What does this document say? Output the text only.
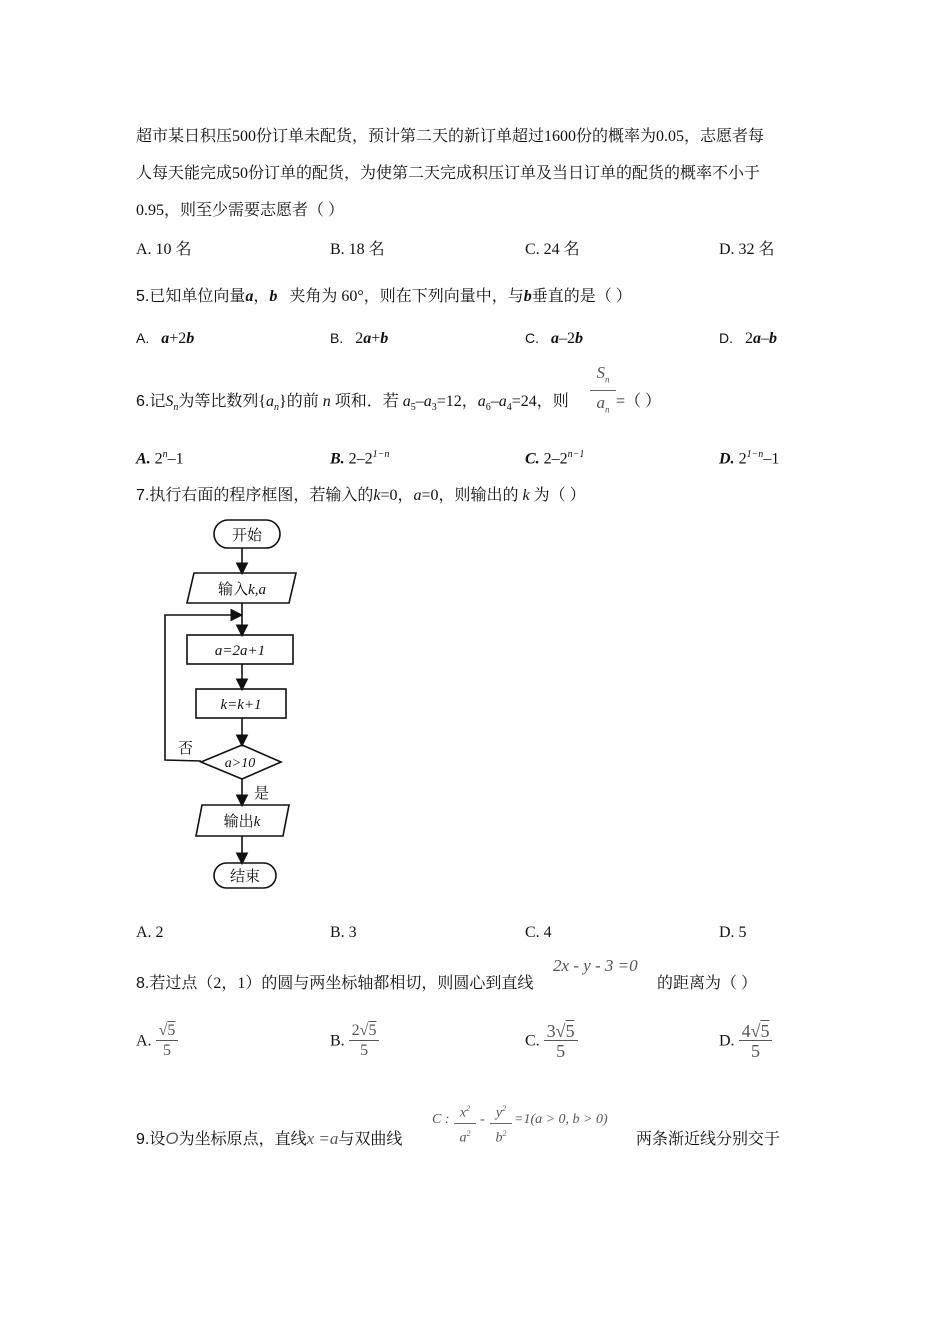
超市某日积压500份订单未配货，预计第二天的新订单超过1600份的概率为0.05，志愿者每
人每天能完成50份订单的配货，为使第二天完成积压订单及当日订单的配货的概率不小于
0.95，则至少需要志愿者（ ）
A. 10 名	B. 18 名	C. 24 名	D. 32 名
5.已知单位向量a，b 夹角为 60°，则在下列向量中，与b垂直的是（ ）
A. a+2b	B. 2a+b	C. a–2b	D. 2a–b
6.记$S_n$为等比数列$\{a_n\}$的前 n 项和．若 $a_5-a_3=12$，$a_6-a_4=24$，则
$S_n$
$a_n$ =（ ）
A. 2$^n$–1	B. $2-2^{1-n}$	C. $2-2^{n-1}$	D. $2^{1-n}-1$
7.执行右面的程序框图，若输入的k=0，a=0，则输出的 k 为（ ）
开始
输入k,a
a=2a+1
k=k+1
a>10
否
是
输出k
结束
A. 2	B. 3	C. 4	D. 5
8.若过点（2，1）的圆与两坐标轴都相切，则圆心到直线
2x - y - 3 =0
的距离为（ ）
A. $\frac{√5}{5}$	B. $\frac{2√5}{5}$	C. $\frac{3√5}{5}$	D. $\frac{4√5}{5}$
9.设O为坐标原点，直线x =a与双曲线
C : $x^2$
$a^2$
- $y^2$
$b^2$
=1(a > 0, b > 0)
两条渐近线分别交于
